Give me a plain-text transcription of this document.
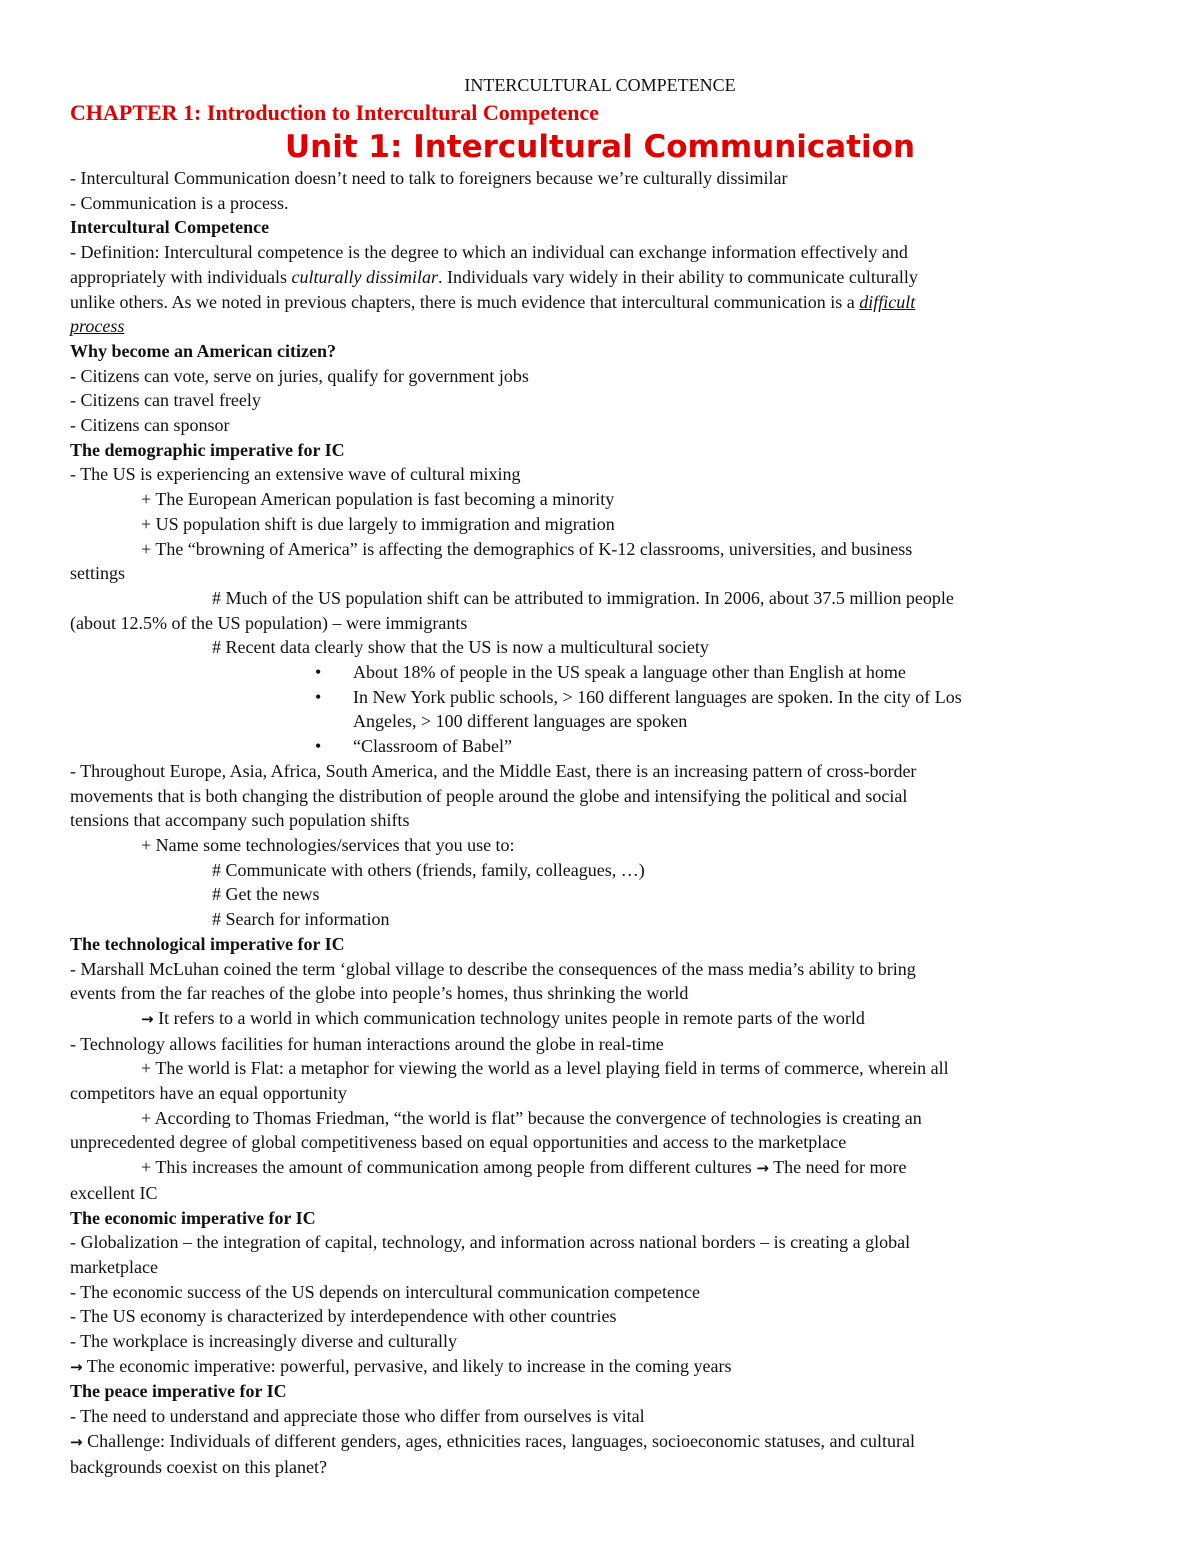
INTERCULTURAL COMPETENCE
CHAPTER 1: Introduction to Intercultural Competence
Unit 1: Intercultural Communication
- Intercultural Communication doesn’t need to talk to foreigners because we’re culturally dissimilar
- Communication is a process.
Intercultural Competence
- Definition: Intercultural competence is the degree to which an individual can exchange information effectively and
appropriately with individuals culturally dissimilar. Individuals vary widely in their ability to communicate culturally
unlike others. As we noted in previous chapters, there is much evidence that intercultural communication is a difficult
process
Why become an American citizen?
- Citizens can vote, serve on juries, qualify for government jobs
- Citizens can travel freely
- Citizens can sponsor
The demographic imperative for IC
- The US is experiencing an extensive wave of cultural mixing
+ The European American population is fast becoming a minority
+ US population shift is due largely to immigration and migration
+ The “browning of America” is affecting the demographics of K-12 classrooms, universities, and business
settings
# Much of the US population shift can be attributed to immigration. In 2006, about 37.5 million people
(about 12.5% of the US population) – were immigrants
# Recent data clearly show that the US is now a multicultural society
• About 18% of people in the US speak a language other than English at home
• In New York public schools, > 160 different languages are spoken. In the city of Los
Angeles, > 100 different languages are spoken
• “Classroom of Babel”
- Throughout Europe, Asia, Africa, South America, and the Middle East, there is an increasing pattern of cross-border
movements that is both changing the distribution of people around the globe and intensifying the political and social
tensions that accompany such population shifts
+ Name some technologies/services that you use to:
# Communicate with others (friends, family, colleagues, …)
# Get the news
# Search for information
The technological imperative for IC
- Marshall McLuhan coined the term ‘global village to describe the consequences of the mass media’s ability to bring
events from the far reaches of the globe into people’s homes, thus shrinking the world
→ It refers to a world in which communication technology unites people in remote parts of the world
- Technology allows facilities for human interactions around the globe in real-time
+ The world is Flat: a metaphor for viewing the world as a level playing field in terms of commerce, wherein all
competitors have an equal opportunity
+ According to Thomas Friedman, “the world is flat” because the convergence of technologies is creating an
unprecedented degree of global competitiveness based on equal opportunities and access to the marketplace
+ This increases the amount of communication among people from different cultures → The need for more
excellent IC
The economic imperative for IC
- Globalization – the integration of capital, technology, and information across national borders – is creating a global
marketplace
- The economic success of the US depends on intercultural communication competence
- The US economy is characterized by interdependence with other countries
- The workplace is increasingly diverse and culturally
→ The economic imperative: powerful, pervasive, and likely to increase in the coming years
The peace imperative for IC
- The need to understand and appreciate those who differ from ourselves is vital
→ Challenge: Individuals of different genders, ages, ethnicities races, languages, socioeconomic statuses, and cultural
backgrounds coexist on this planet?
